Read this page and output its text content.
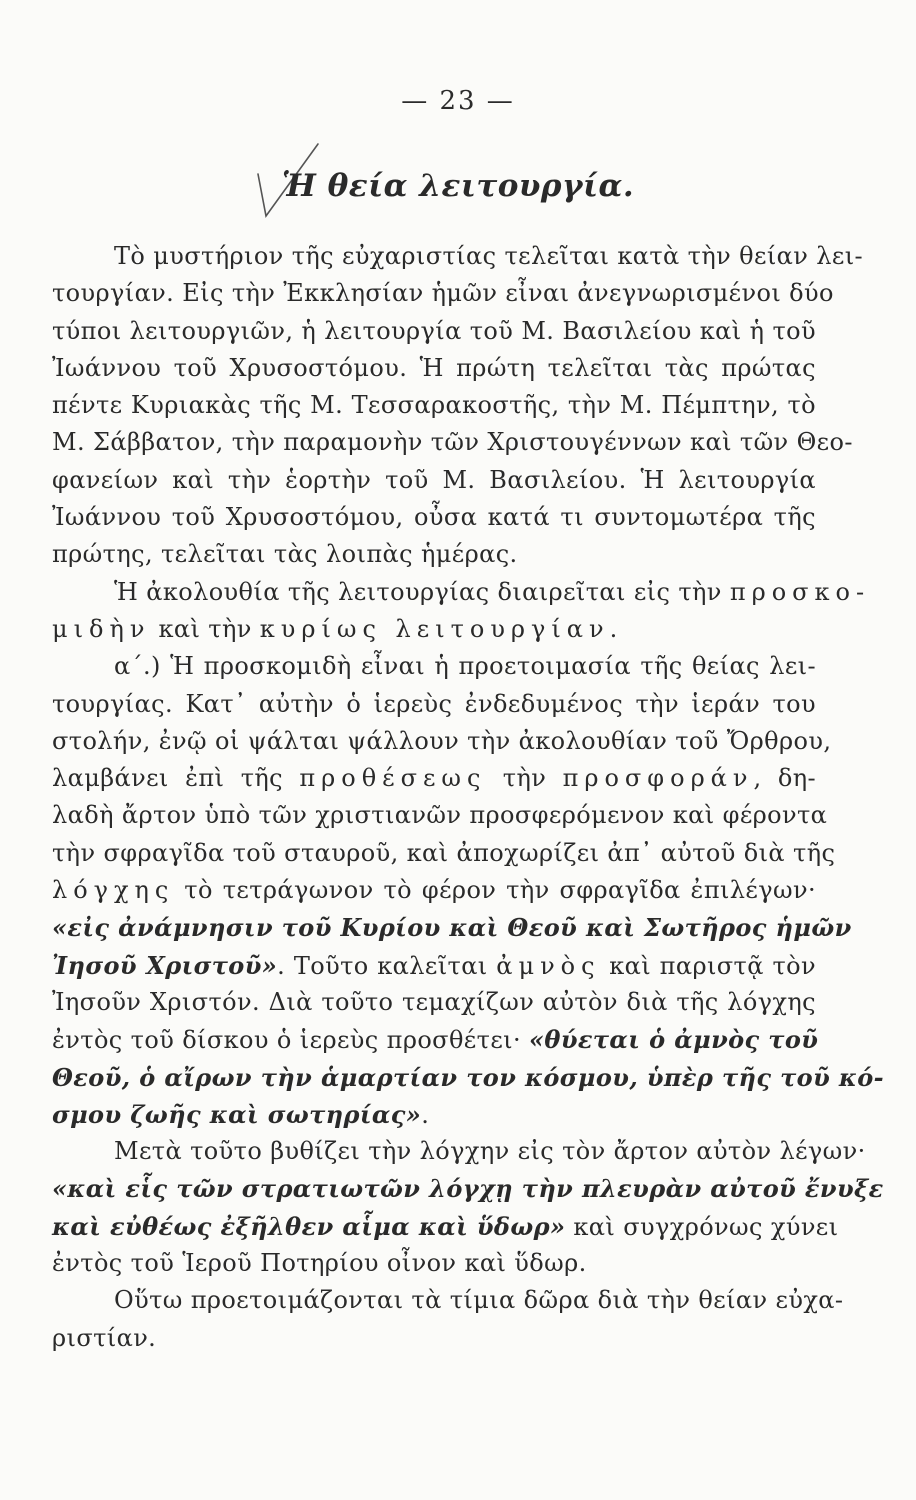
— 23 —
Ἡ θεία λειτουργία.
Τὸ μυστήριον τῆς εὐχαριστίας τελεῖται κατὰ τὴν θείαν λει-
τουργίαν. Εἰς τὴν Ἐκκλησίαν ἡμῶν εἶναι ἀνεγνωρισμένοι δύο
τύποι λειτουργιῶν, ἡ λειτουργία τοῦ Μ. Βασιλείου καὶ ἡ τοῦ
Ἰωάννου τοῦ Χρυσοστόμου. Ἡ πρώτη τελεῖται τὰς πρώτας
πέντε Κυριακὰς τῆς Μ. Τεσσαρακοστῆς, τὴν Μ. Πέμπτην, τὸ
Μ. Σάββατον, τὴν παραμονὴν τῶν Χριστουγέννων καὶ τῶν Θεο-
φανείων καὶ τὴν ἑορτὴν τοῦ Μ. Βασιλείου. Ἡ λειτουργία
Ἰωάννου τοῦ Χρυσοστόμου, οὖσα κατά τι συντομωτέρα τῆς
πρώτης, τελεῖται τὰς λοιπὰς ἡμέρας.
Ἡ ἀκολουθία τῆς λειτουργίας διαιρεῖται εἰς τὴν προσκο-
μιδὴν καὶ τὴν κυρίως λειτουργίαν.
α΄.) Ἡ προσκομιδὴ εἶναι ἡ προετοιμασία τῆς θείας λει-
τουργίας. Κατ᾿ αὐτὴν ὁ ἱερεὺς ἐνδεδυμένος τὴν ἱεράν του
στολήν, ἐνῷ οἱ ψάλται ψάλλουν τὴν ἀκολουθίαν τοῦ Ὄρθρου,
λαμβάνει ἐπὶ τῆς προθέσεως τὴν προσφοράν, δη-
λαδὴ ἄρτον ὑπὸ τῶν χριστιανῶν προσφερόμενον καὶ φέροντα
τὴν σφραγῖδα τοῦ σταυροῦ, καὶ ἀποχωρίζει ἀπ᾿ αὐτοῦ διὰ τῆς
λόγχης τὸ τετράγωνον τὸ φέρον τὴν σφραγῖδα ἐπιλέγων·
«εἰς ἀνάμνησιν τοῦ Κυρίου καὶ Θεοῦ καὶ Σωτῆρος ἡμῶν
Ἰησοῦ Χριστοῦ». Τοῦτο καλεῖται ἀμνὸς καὶ παριστᾷ τὸν
Ἰησοῦν Χριστόν. Διὰ τοῦτο τεμαχίζων αὐτὸν διὰ τῆς λόγχης
ἐντὸς τοῦ δίσκου ὁ ἱερεὺς προσθέτει· «θύεται ὁ ἀμνὸς τοῦ
Θεοῦ, ὁ αἴρων τὴν ἁμαρτίαν τον κόσμου, ὑπὲρ τῆς τοῦ κό-
σμου ζωῆς καὶ σωτηρίας».
Μετὰ τοῦτο βυθίζει τὴν λόγχην εἰς τὸν ἄρτον αὐτὸν λέγων·
«καὶ εἷς τῶν στρατιωτῶν λόγχῃ τὴν πλευρὰν αὐτοῦ ἔνυξε
καὶ εὐθέως ἐξῆλθεν αἷμα καὶ ὕδωρ» καὶ συγχρόνως χύνει
ἐντὸς τοῦ Ἱεροῦ Ποτηρίου οἶνον καὶ ὕδωρ.
Οὕτω προετοιμάζονται τὰ τίμια δῶρα διὰ τὴν θείαν εὐχα-
ριστίαν.
